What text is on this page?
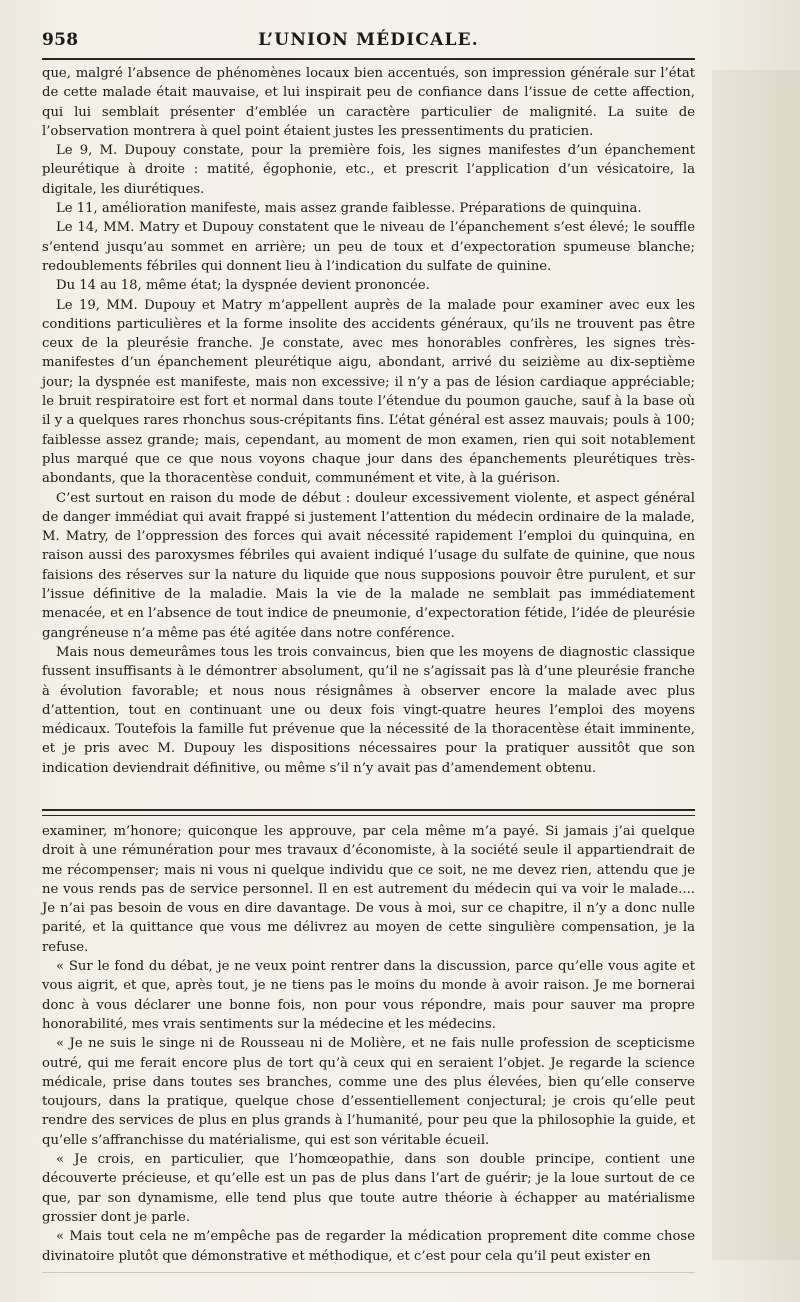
958	L’UNION MÉDICALE.

que, malgré l’absence de phénomènes locaux bien accentués, son impression générale sur l’état de cette malade était mauvaise, et lui inspirait peu de confiance dans l’issue de cette affection, qui lui semblait présenter d’emblée un caractère particulier de malignité. La suite de l’observation montrera à quel point étaient justes les pressentiments du praticien.

Le 9, M. Dupouy constate, pour la première fois, les signes manifestes d’un épanchement pleurétique à droite : matité, égophonie, etc., et prescrit l’application d’un vésicatoire, la digitale, les diurétiques.

Le 11, amélioration manifeste, mais assez grande faiblesse. Préparations de quinquina.

Le 14, MM. Matry et Dupouy constatent que le niveau de l’épanchement s’est élevé; le souffle s’entend jusqu’au sommet en arrière; un peu de toux et d’expectoration spumeuse blanche; redoublements fébriles qui donnent lieu à l’indication du sulfate de quinine.

Du 14 au 18, même état; la dyspnée devient prononcée.

Le 19, MM. Dupouy et Matry m’appellent auprès de la malade pour examiner avec eux les conditions particulières et la forme insolite des accidents généraux, qu’ils ne trouvent pas être ceux de la pleurésie franche. Je constate, avec mes honorables confrères, les signes très-manifestes d’un épanchement pleurétique aigu, abondant, arrivé du seizième au dix-septième jour; la dyspnée est manifeste, mais non excessive; il n’y a pas de lésion cardiaque appréciable; le bruit respiratoire est fort et normal dans toute l’étendue du poumon gauche, sauf à la base où il y a quelques rares rhonchus sous-crépitants fins. L’état général est assez mauvais; pouls à 100; faiblesse assez grande; mais, cependant, au moment de mon examen, rien qui soit notablement plus marqué que ce que nous voyons chaque jour dans des épanchements pleurétiques très-abondants, que la thoracentèse conduit, communément et vite, à la guérison.

C’est surtout en raison du mode de début : douleur excessivement violente, et aspect général de danger immédiat qui avait frappé si justement l’attention du médecin ordinaire de la malade, M. Matry, de l’oppression des forces qui avait nécessité rapidement l’emploi du quinquina, en raison aussi des paroxysmes fébriles qui avaient indiqué l’usage du sulfate de quinine, que nous faisions des réserves sur la nature du liquide que nous supposions pouvoir être purulent, et sur l’issue définitive de la maladie. Mais la vie de la malade ne semblait pas immédiatement menacée, et en l’absence de tout indice de pneumonie, d’expectoration fétide, l’idée de pleurésie gangréneuse n’a même pas été agitée dans notre conférence.

Mais nous demeurâmes tous les trois convaincus, bien que les moyens de diagnostic classique fussent insuffisants à le démontrer absolument, qu’il ne s’agissait pas là d’une pleurésie franche à évolution favorable; et nous nous résignâmes à observer encore la malade avec plus d’attention, tout en continuant une ou deux fois vingt-quatre heures l’emploi des moyens médicaux. Toutefois la famille fut prévenue que la nécessité de la thoracentèse était imminente, et je pris avec M. Dupouy les dispositions nécessaires pour la pratiquer aussitôt que son indication deviendrait définitive, ou même s’il n’y avait pas d’amendement obtenu.

examiner, m’honore; quiconque les approuve, par cela même m’a payé. Si jamais j’ai quelque droit à une rémunération pour mes travaux d’économiste, à la société seule il appartiendrait de me récompenser; mais ni vous ni quelque individu que ce soit, ne me devez rien, attendu que je ne vous rends pas de service personnel. Il en est autrement du médecin qui va voir le malade.... Je n’ai pas besoin de vous en dire davantage. De vous à moi, sur ce chapitre, il n’y a donc nulle parité, et la quittance que vous me délivrez au moyen de cette singulière compensation, je la refuse.

« Sur le fond du débat, je ne veux point rentrer dans la discussion, parce qu’elle vous agite et vous aigrit, et que, après tout, je ne tiens pas le moins du monde à avoir raison. Je me bornerai donc à vous déclarer une bonne fois, non pour vous répondre, mais pour sauver ma propre honorabilité, mes vrais sentiments sur la médecine et les médecins.

« Je ne suis le singe ni de Rousseau ni de Molière, et ne fais nulle profession de scepticisme outré, qui me ferait encore plus de tort qu’à ceux qui en seraient l’objet. Je regarde la science médicale, prise dans toutes ses branches, comme une des plus élevées, bien qu’elle conserve toujours, dans la pratique, quelque chose d’essentiellement conjectural; je crois qu’elle peut rendre des services de plus en plus grands à l’humanité, pour peu que la philosophie la guide, et qu’elle s’affranchisse du matérialisme, qui est son véritable écueil.

« Je crois, en particulier, que l’homœopathie, dans son double principe, contient une découverte précieuse, et qu’elle est un pas de plus dans l’art de guérir; je la loue surtout de ce que, par son dynamisme, elle tend plus que toute autre théorie à échapper au matérialisme grossier dont je parle.

« Mais tout cela ne m’empêche pas de regarder la médication proprement dite comme chose divinatoire plutôt que démonstrative et méthodique, et c’est pour cela qu’il peut exister en
